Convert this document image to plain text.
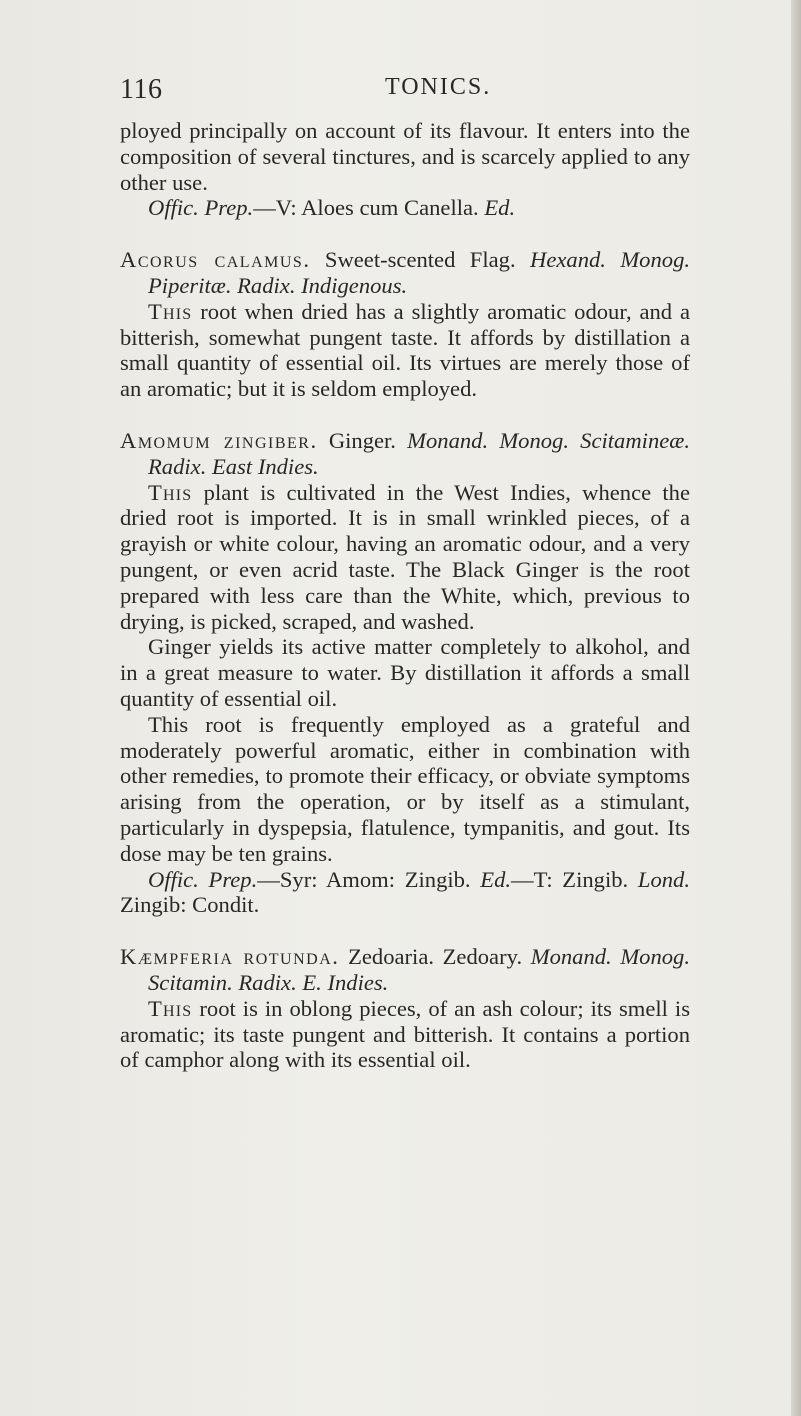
116	TONICS.

ployed principally on account of its flavour. It enters into the composition of several tinctures, and is scarcely applied to any other use.

Offic. Prep.—V: Aloes cum Canella. Ed.

Acorus calamus. Sweet-scented Flag. Hexand. Monog. Piperitæ. Radix. Indigenous.

This root when dried has a slightly aromatic odour, and a bitterish, somewhat pungent taste. It affords by distillation a small quantity of essential oil. Its virtues are merely those of an aromatic; but it is seldom employed.

Amomum zingiber. Ginger. Monand. Monog. Scitamineæ. Radix. East Indies.

This plant is cultivated in the West Indies, whence the dried root is imported. It is in small wrinkled pieces, of a grayish or white colour, having an aromatic odour, and a very pungent, or even acrid taste. The Black Ginger is the root prepared with less care than the White, which, previous to drying, is picked, scraped, and washed.

Ginger yields its active matter completely to alkohol, and in a great measure to water. By distillation it affords a small quantity of essential oil.

This root is frequently employed as a grateful and moderately powerful aromatic, either in combination with other remedies, to promote their efficacy, or obviate symptoms arising from the operation, or by itself as a stimulant, particularly in dyspepsia, flatulence, tympanitis, and gout. Its dose may be ten grains.

Offic. Prep.—Syr: Amom: Zingib. Ed.—T: Zingib. Lond. Zingib: Condit.

Kæmpferia rotunda. Zedoaria. Zedoary. Monand. Monog. Scitamin. Radix. E. Indies.

This root is in oblong pieces, of an ash colour; its smell is aromatic; its taste pungent and bitterish. It contains a portion of camphor along with its essential oil.
